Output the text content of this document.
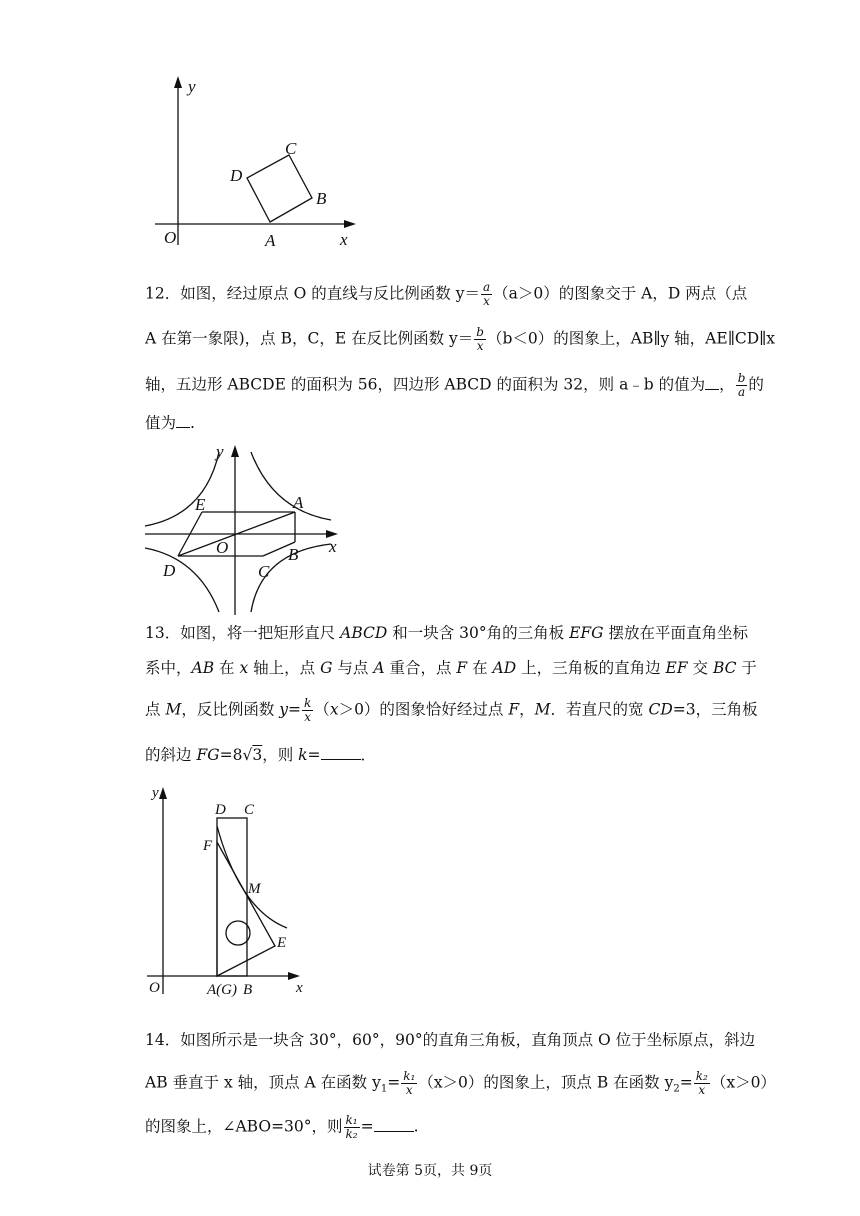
y
x
O	A
B
C
D
12．如图，经过原点 O 的直线与反比例函数 $y= \frac{a}{x} (a>0)$的图象交于 A，D 两点（点
A 在第一象限)，点 B，C，E 在反比例函数 $y= \frac{b}{x} (b<0)$的图象上，AB∥y 轴，AE∥CD∥x
轴，五边形 ABCDE 的面积为 56，四边形 ABCD 的面积为 32，则 a﹣b 的值为 ， $\frac{b}{a}$ 的
值为 .
y
x
O
A
B
C
D
E
13．如图，将一把矩形直尺 ABCD 和一块含 30°角的三角板 EFG 摆放在平面直角坐标
系中，AB 在 x 轴上，点 G 与点 A 重合，点 F 在 AD 上，三角板的直角边 EF 交 BC 于
点 M，反比例函数 $y= \frac{k}{x} (x>0)$的图象恰好经过点 F，M．若直尺的宽 CD=3，三角板
的斜边 FG=8√3，则 k=	．
y
x
O	A(G) B
C
D
E
F
M
14．如图所示是一块含 30°，60°，90°的直角三角板，直角顶点 O 位于坐标原点，斜边
AB 垂直于 x 轴，顶点 A 在函数 $y_1= \frac{\text{k₁}}{x} (x>0)$的图象上，顶点 B 在函数 $y_2= \frac{\text{k₂}}{x} (x>0)$
的图象上，∠ABO=30°，则 $\frac{\text{k₁}}{\text{k₂}}$ =	.
试卷第 5页，共 9页
